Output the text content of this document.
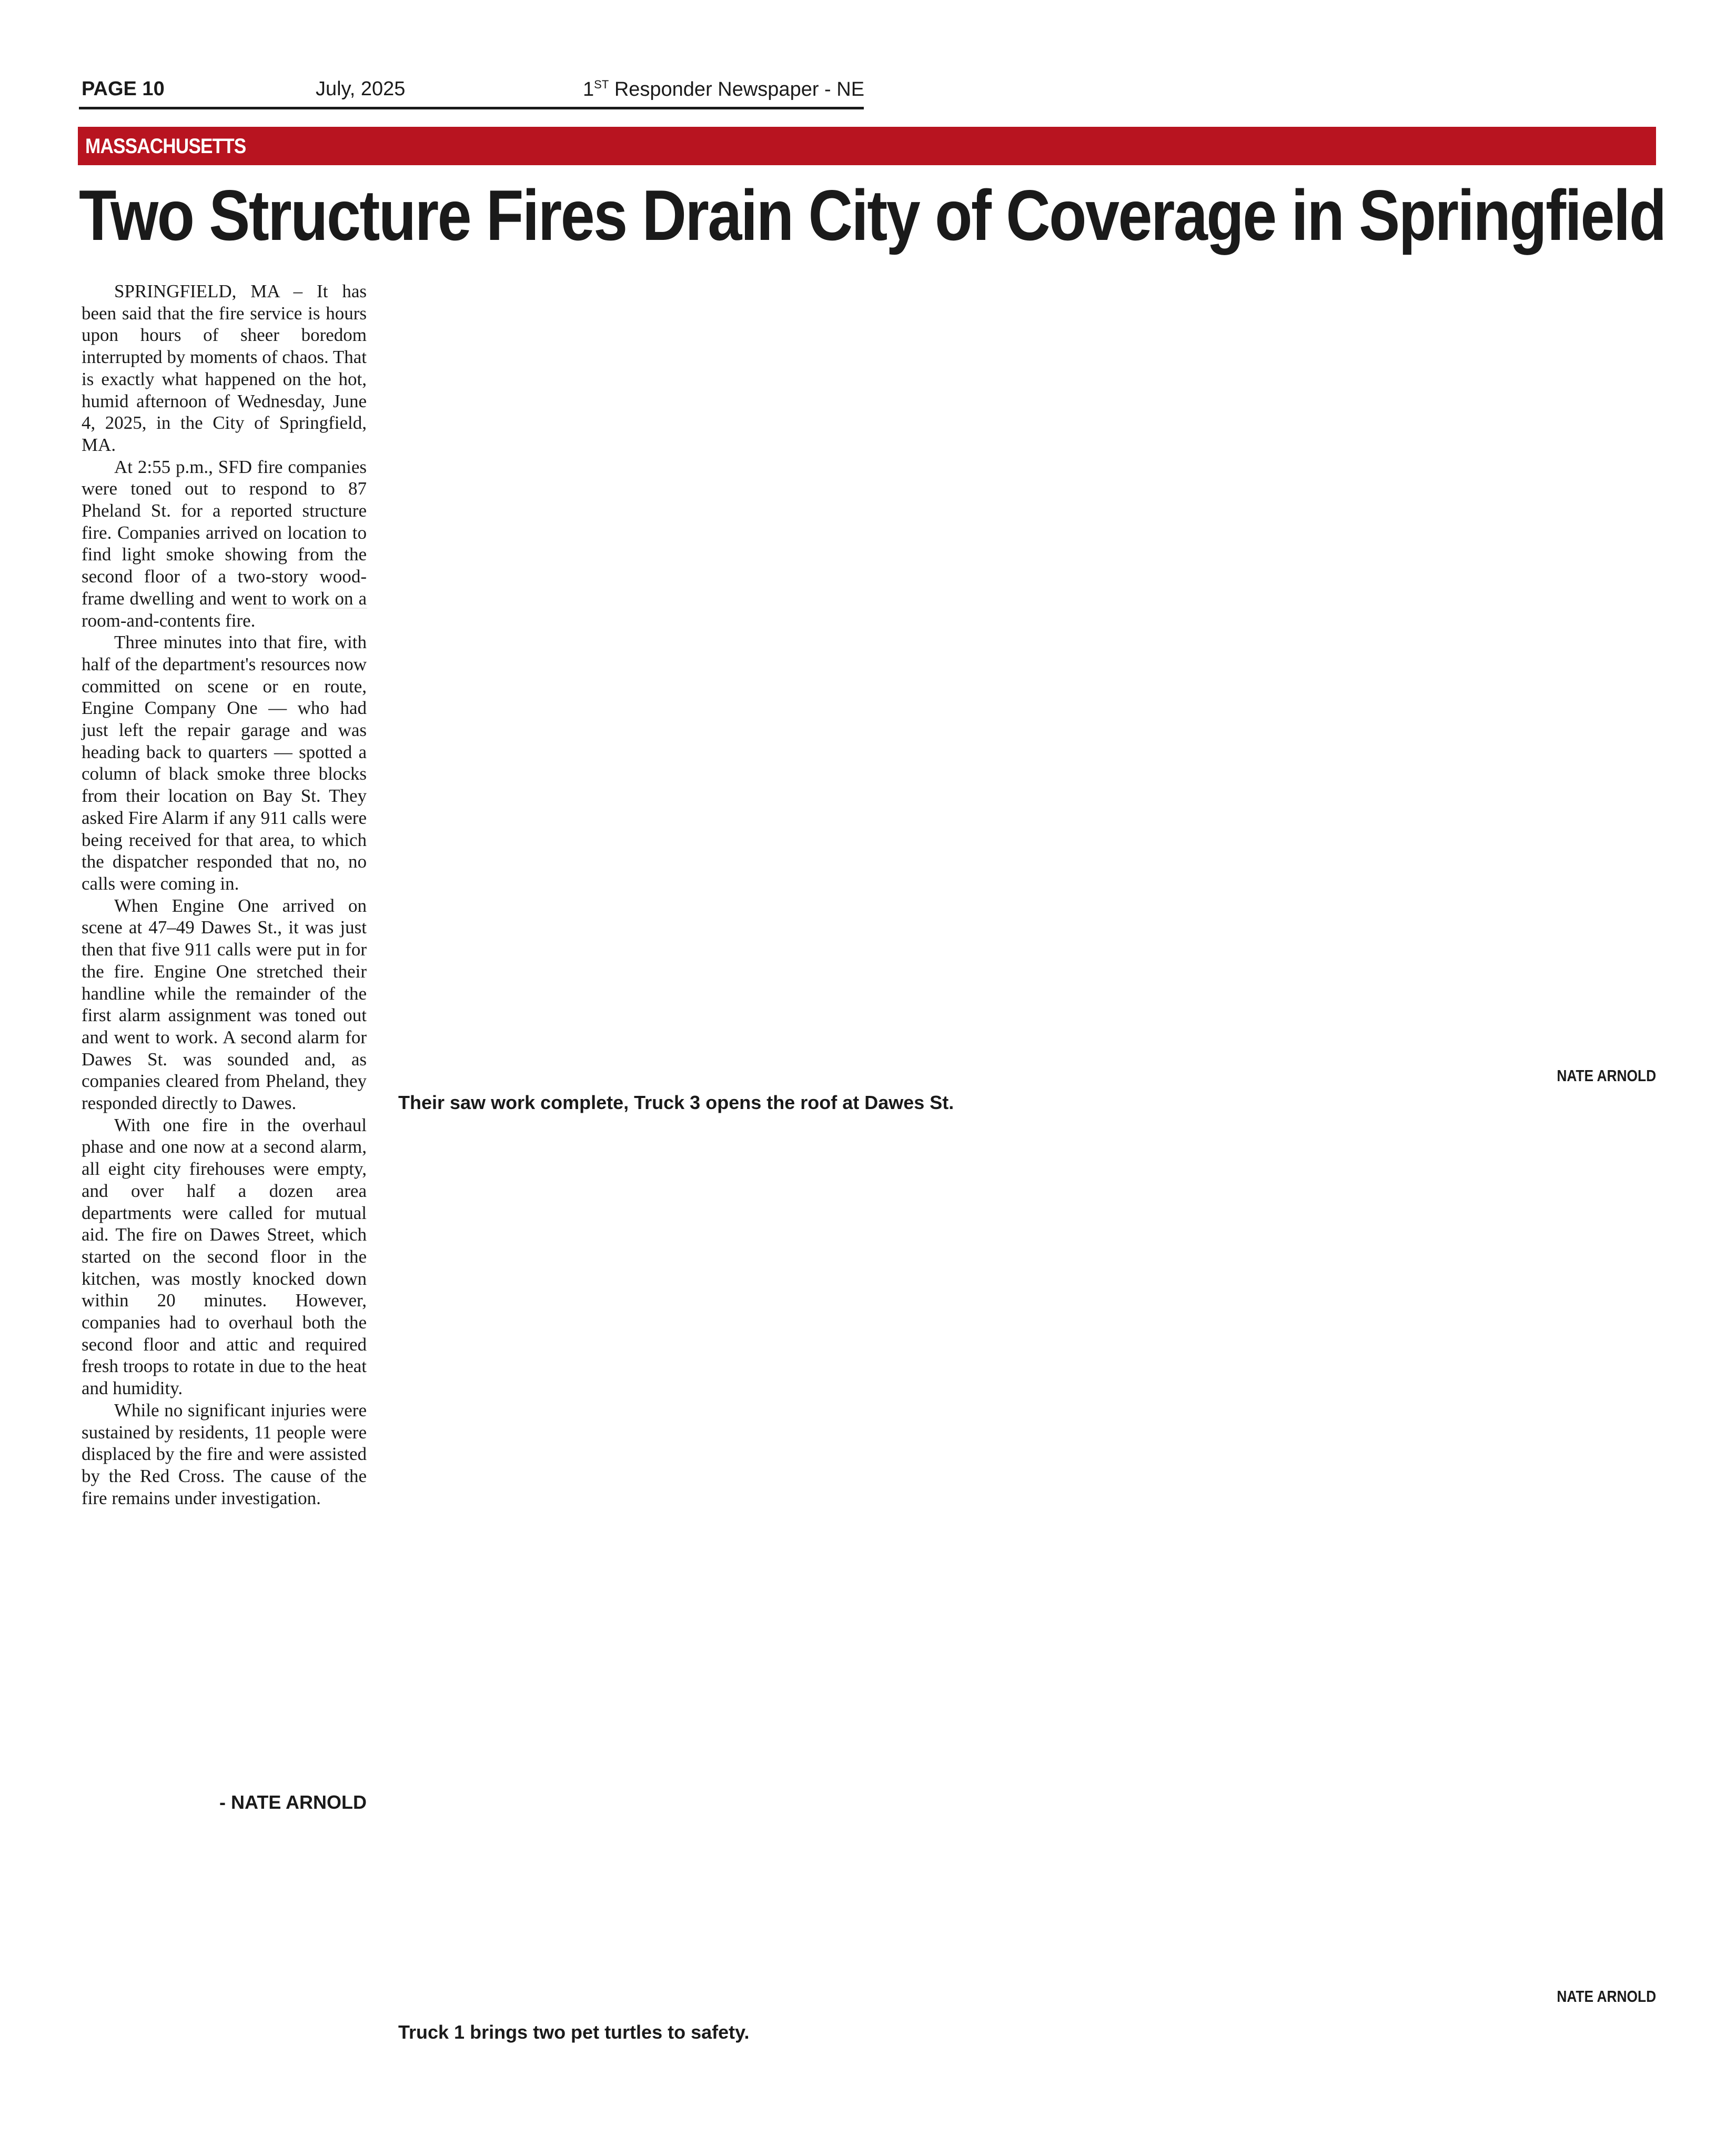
PAGE 10	July, 2025	1ST Responder Newspaper - NE
MASSACHUSETTS
Two Structure Fires Drain City of Coverage in Springfield

SPRINGFIELD, MA – It has been said that the fire service is hours upon hours of sheer boredom interrupted by moments of chaos. That is exactly what happened on the hot, humid afternoon of Wednesday, June 4, 2025, in the City of Springfield, MA.

At 2:55 p.m., SFD fire companies were toned out to respond to 87 Pheland St. for a reported structure fire. Companies arrived on location to find light smoke showing from the second floor of a two-story wood-frame dwelling and went to work on a room-and-contents fire.

Three minutes into that fire, with half of the department's resources now committed on scene or en route, Engine Company One — who had just left the repair garage and was heading back to quarters — spotted a column of black smoke three blocks from their location on Bay St. They asked Fire Alarm if any 911 calls were being received for that area, to which the dispatcher responded that no, no calls were coming in.

When Engine One arrived on scene at 47–49 Dawes St., it was just then that five 911 calls were put in for the fire. Engine One stretched their handline while the remainder of the first alarm assignment was toned out and went to work. A second alarm for Dawes St. was sounded and, as companies cleared from Pheland, they responded directly to Dawes.

With one fire in the overhaul phase and one now at a second alarm, all eight city firehouses were empty, and over half a dozen area departments were called for mutual aid. The fire on Dawes Street, which started on the second floor in the kitchen, was mostly knocked down within 20 minutes. However, companies had to overhaul both the second floor and attic and required fresh troops to rotate in due to the heat and humidity.

While no significant injuries were sustained by residents, 11 people were displaced by the fire and were assisted by the Red Cross. The cause of the fire remains under investigation.

- NATE ARNOLD
NATE ARNOLD
Their saw work complete, Truck 3 opens the roof at Dawes St.
NATE ARNOLD
Truck 1 brings two pet turtles to safety.
